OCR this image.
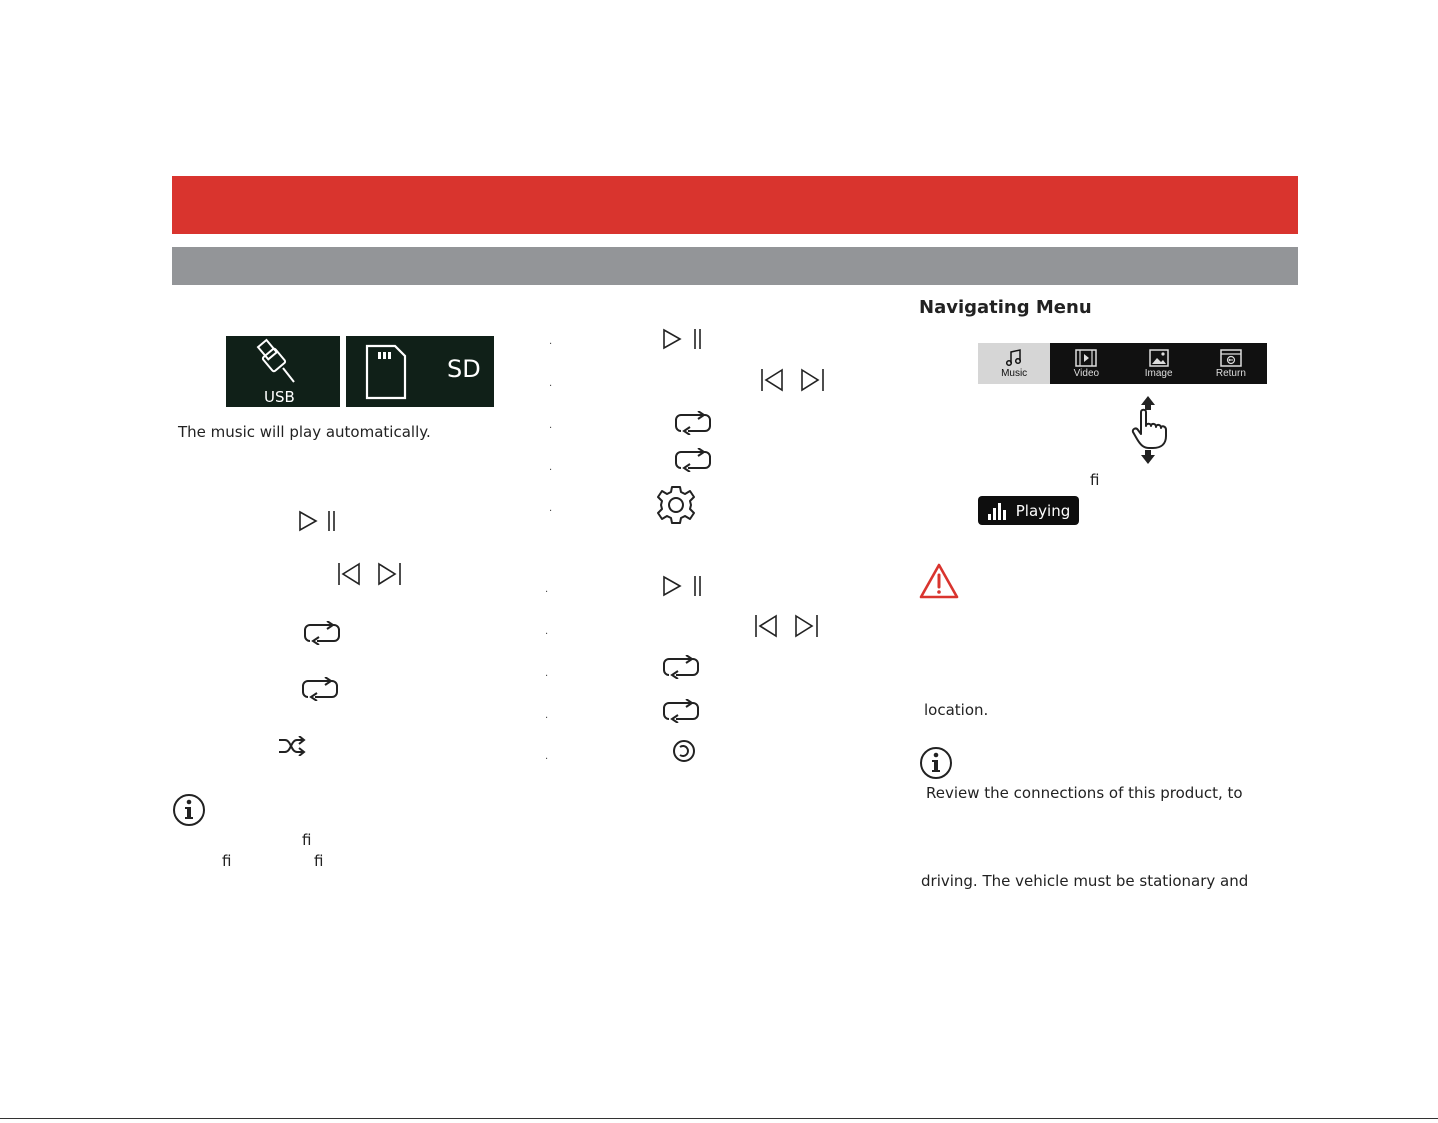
USB
SD
The music will play automatically.
ﬁ
ﬁ	ﬁ
.
.
.
.
.
.
.
.
.
.
Navigating Menu
Music	Video	Image	Return
ﬁ
Playing
location.
Review the connections of this product, to
driving. The vehicle must be stationary and
